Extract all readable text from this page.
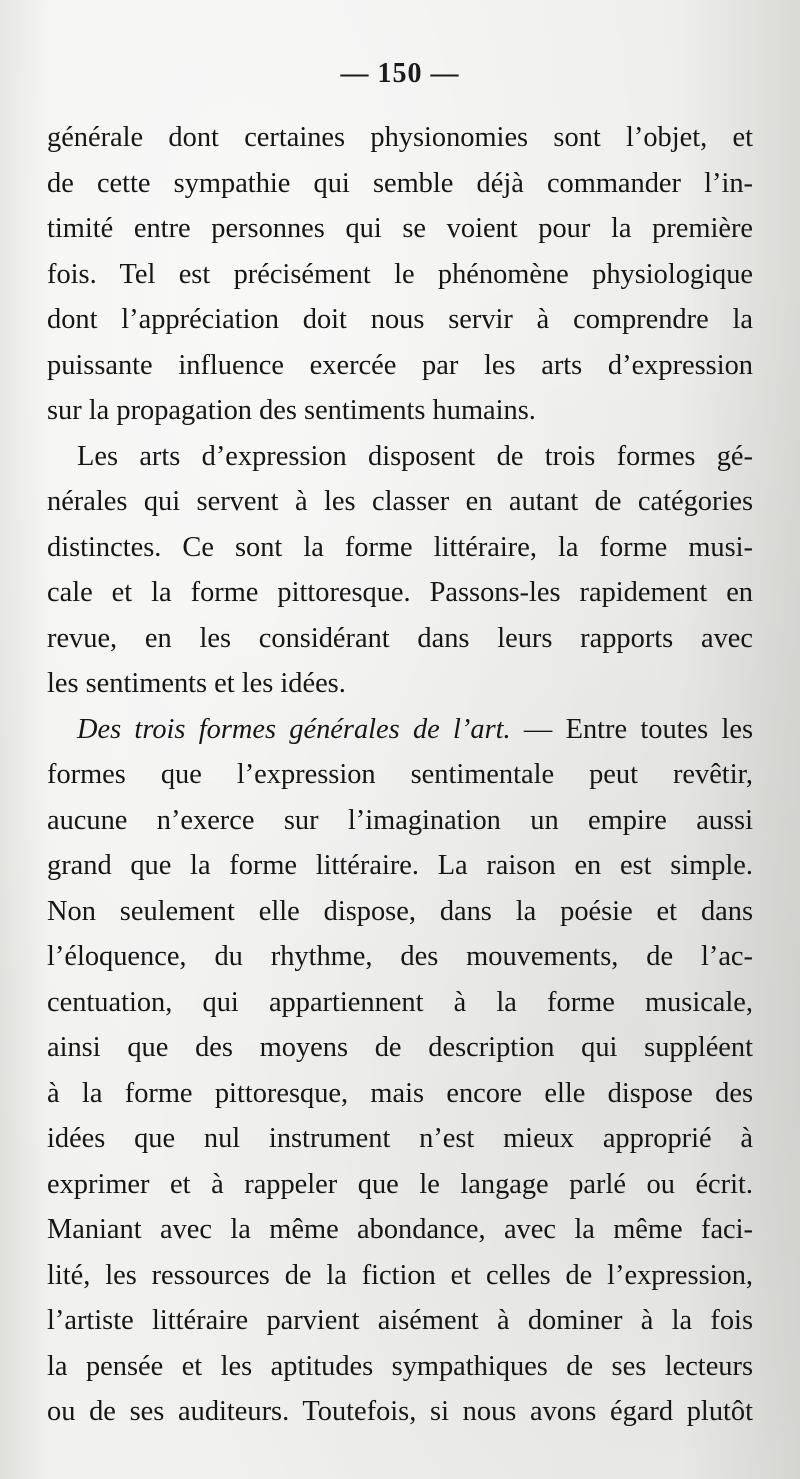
— 150 —
générale dont certaines physionomies sont l’objet, et
de cette sympathie qui semble déjà commander l’in-
timité entre personnes qui se voient pour la première
fois. Tel est précisément le phénomène physiologique
dont l’appréciation doit nous servir à comprendre la
puissante influence exercée par les arts d’expression
sur la propagation des sentiments humains.
Les arts d’expression disposent de trois formes gé-
nérales qui servent à les classer en autant de catégories
distinctes. Ce sont la forme littéraire, la forme musi-
cale et la forme pittoresque. Passons-les rapidement en
revue, en les considérant dans leurs rapports avec
les sentiments et les idées.
Des trois formes générales de l’art. — Entre toutes les
formes que l’expression sentimentale peut revêtir,
aucune n’exerce sur l’imagination un empire aussi
grand que la forme littéraire. La raison en est simple.
Non seulement elle dispose, dans la poésie et dans
l’éloquence, du rhythme, des mouvements, de l’ac-
centuation, qui appartiennent à la forme musicale,
ainsi que des moyens de description qui suppléent
à la forme pittoresque, mais encore elle dispose des
idées que nul instrument n’est mieux approprié à
exprimer et à rappeler que le langage parlé ou écrit.
Maniant avec la même abondance, avec la même faci-
lité, les ressources de la fiction et celles de l’expression,
l’artiste littéraire parvient aisément à dominer à la fois
la pensée et les aptitudes sympathiques de ses lecteurs
ou de ses auditeurs. Toutefois, si nous avons égard plutôt
